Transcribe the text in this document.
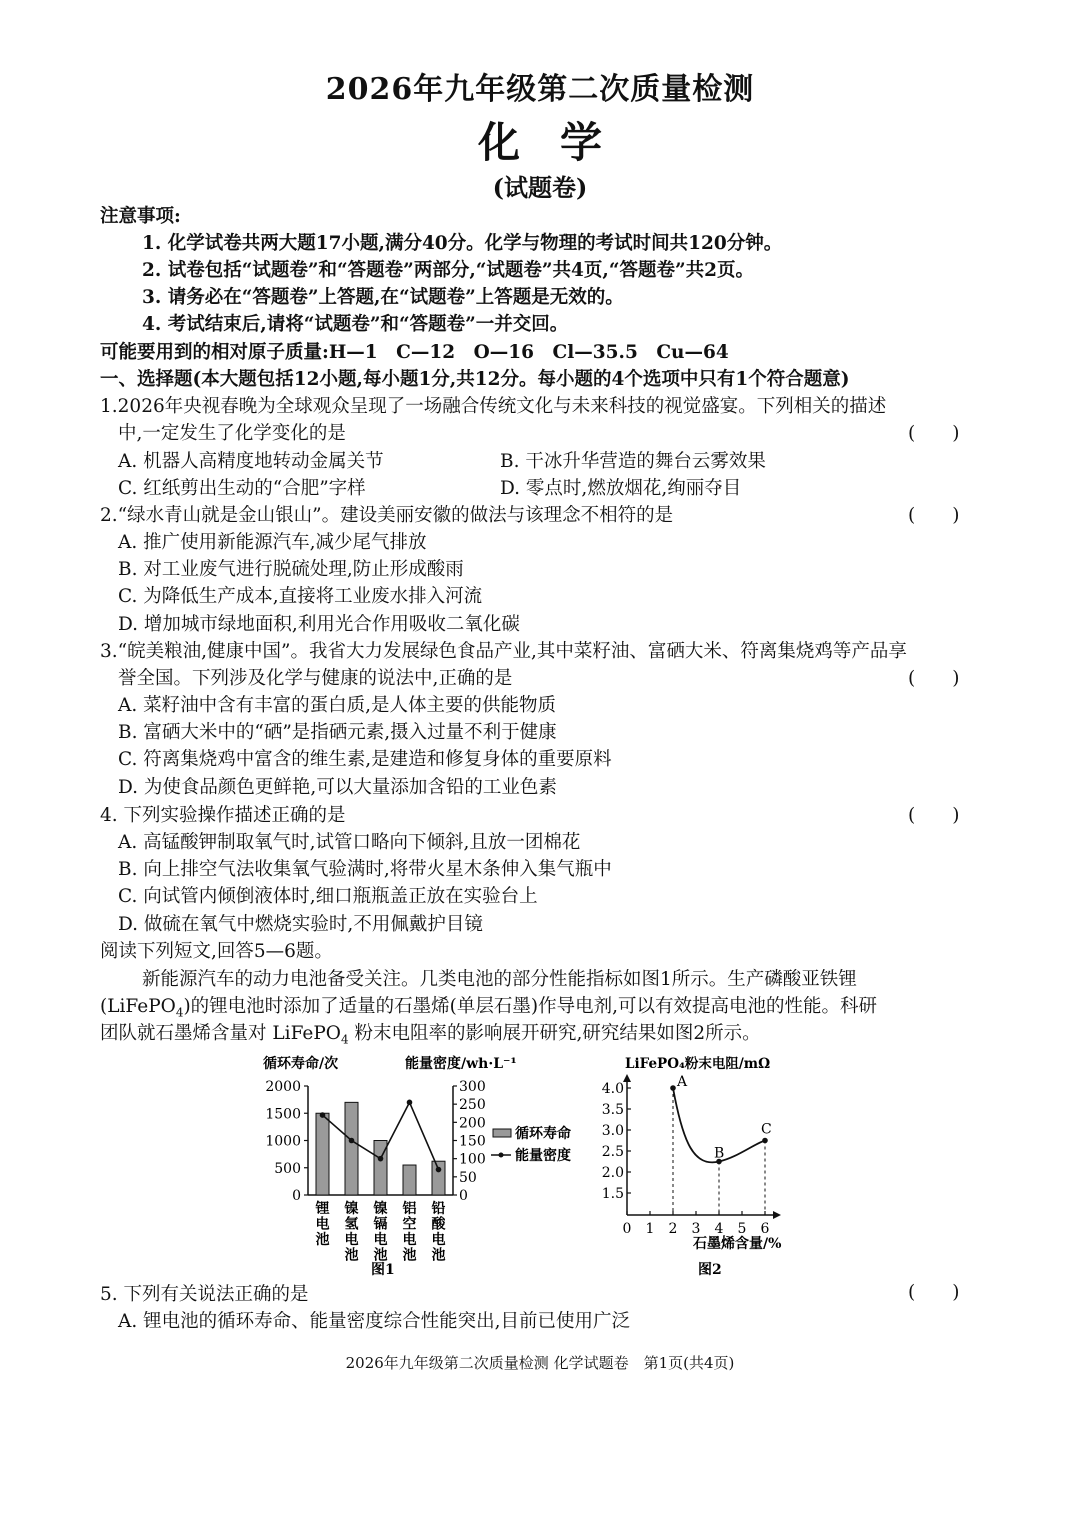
2026年九年级第二次质量检测
化学
(试题卷)
注意事项:
1. 化学试卷共两大题17小题,满分40分。化学与物理的考试时间共120分钟。
2. 试卷包括“试题卷”和“答题卷”两部分,“试题卷”共4页,“答题卷”共2页。
3. 请务必在“答题卷”上答题,在“试题卷”上答题是无效的。
4. 考试结束后,请将“试题卷”和“答题卷”一并交回。
可能要用到的相对原子质量:H—1　C—12　O—16　Cl—35.5　Cu—64
一、选择题(本大题包括12小题,每小题1分,共12分。每小题的4个选项中只有1个符合题意)
1.2026年央视春晚为全球观众呈现了一场融合传统文化与未来科技的视觉盛宴。下列相关的描述
中,一定发生了化学变化的是	(　　)
A. 机器人高精度地转动金属关节	B. 干冰升华营造的舞台云雾效果
C. 红纸剪出生动的“合肥”字样	D. 零点时,燃放烟花,绚丽夺目
2.“绿水青山就是金山银山”。建设美丽安徽的做法与该理念不相符的是	(　　)
A. 推广使用新能源汽车,减少尾气排放
B. 对工业废气进行脱硫处理,防止形成酸雨
C. 为降低生产成本,直接将工业废水排入河流
D. 增加城市绿地面积,利用光合作用吸收二氧化碳
3.“皖美粮油,健康中国”。我省大力发展绿色食品产业,其中菜籽油、富硒大米、符离集烧鸡等产品享
誉全国。下列涉及化学与健康的说法中,正确的是	(　　)
A. 菜籽油中含有丰富的蛋白质,是人体主要的供能物质
B. 富硒大米中的“硒”是指硒元素,摄入过量不利于健康
C. 符离集烧鸡中富含的维生素,是建造和修复身体的重要原料
D. 为使食品颜色更鲜艳,可以大量添加含铅的工业色素
4. 下列实验操作描述正确的是	(　　)
A. 高锰酸钾制取氧气时,试管口略向下倾斜,且放一团棉花
B. 向上排空气法收集氧气验满时,将带火星木条伸入集气瓶中
C. 向试管内倾倒液体时,细口瓶瓶盖正放在实验台上
D. 做硫在氧气中燃烧实验时,不用佩戴护目镜
阅读下列短文,回答5—6题。
新能源汽车的动力电池备受关注。几类电池的部分性能指标如图1所示。生产磷酸亚铁锂
(LiFePO$_4$)的锂电池时添加了适量的石墨烯(单层石墨)作导电剂,可以有效提高电池的性能。科研
团队就石墨烯含量对 LiFePO$_4$ 粉末电阻率的影响展开研究,研究结果如图2所示。
循环寿命/次	能量密度/wh·L⁻¹
2000
1500
1000
500
0
300
250
200
150
100
50
0
锂电池
镍氢电池
镍镉电池
铝空电池
铅酸电池
循环寿命
能量密度
图1
LiFePO₄粉末电阻/mΩ
4.0
3.5
3.0
2.5
2.0
1.5
0 1 2 3 4 5 6
A
B
C
石墨烯含量/%
图2
5. 下列有关说法正确的是	(　　)
A. 锂电池的循环寿命、能量密度综合性能突出,目前已使用广泛
2026年九年级第二次质量检测 化学试题卷　第1页(共4页)
